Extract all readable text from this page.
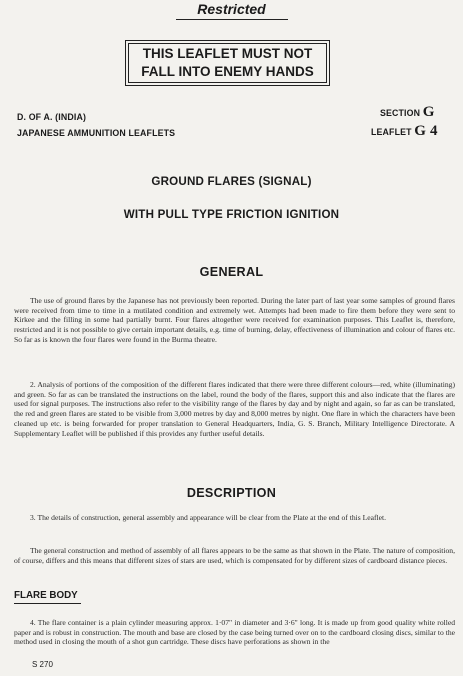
Restricted
THIS LEAFLET MUST NOT
FALL INTO ENEMY HANDS
D. OF A. (INDIA)
JAPANESE AMMUNITION LEAFLETS
SECTION G
LEAFLET G 4
GROUND FLARES (SIGNAL)
WITH PULL TYPE FRICTION IGNITION
GENERAL
The use of ground flares by the Japanese has not previously been reported. During the later part of last year some samples of ground flares were received from time to time in a mutilated condition and extremely wet. Attempts had been made to fire them before they were sent to Kirkee and the filling in some had partially burnt. Four flares altogether were received for examination purposes. This Leaflet is, therefore, restricted and it is not possible to give certain important details, e.g. time of burning, delay, effectiveness of illumination and colour of flares etc. So far as is known the four flares were found in the Burma theatre.
2. Analysis of portions of the composition of the different flares indicated that there were three different colours—red, white (illuminating) and green. So far as can be translated the instructions on the label, round the body of the flares, support this and also indicate that the flares are used for signal purposes. The instructions also refer to the visibility range of the flares by day and by night and again, so far as can be translated, the red and green flares are stated to be visible from 3,000 metres by day and 8,000 metres by night. One flare in which the characters have been cleaned up etc. is being forwarded for proper translation to General Headquarters, India, G. S. Branch, Military Intelligence Directorate. A Supplementary Leaflet will be published if this provides any further useful details.
DESCRIPTION
3. The details of construction, general assembly and appearance will be clear from the Plate at the end of this Leaflet.
The general construction and method of assembly of all flares appears to be the same as that shown in the Plate. The nature of composition, of course, differs and this means that different sizes of stars are used, which is compensated for by different sizes of cardboard distance pieces.
FLARE BODY
4. The flare container is a plain cylinder measuring approx. 1·07" in diameter and 3·6" long. It is made up from good quality white rolled paper and is robust in construction. The mouth and base are closed by the case being turned over on to the cardboard closing discs, similar to the method used in closing the mouth of a shot gun cartridge. These discs have perforations as shown in the
S 270
